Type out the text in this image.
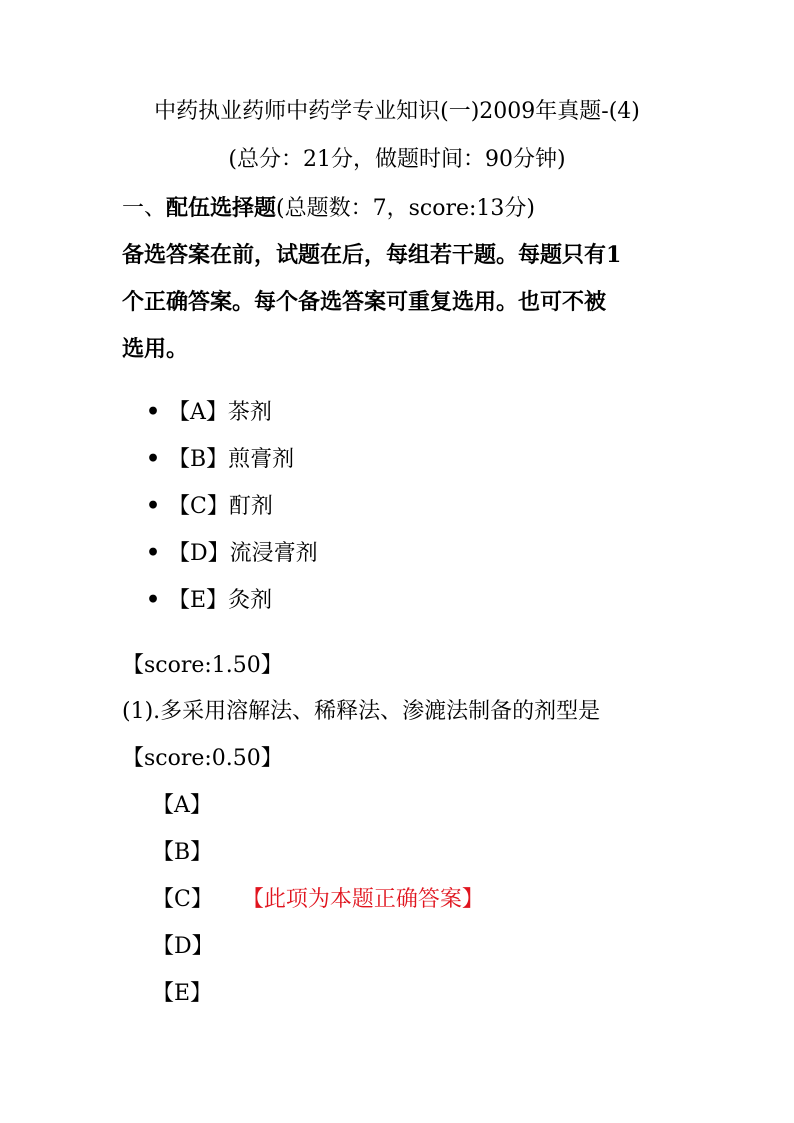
中药执业药师中药学专业知识(一)2009年真题-(4)
(总分：21分，做题时间：90分钟)
一、配伍选择题(总题数：7，score:13分)
备选答案在前，试题在后，每组若干题。每题只有1
个正确答案。每个备选答案可重复选用。也可不被
选用。
• 【A】茶剂
• 【B】煎膏剂
• 【C】酊剂
• 【D】流浸膏剂
• 【E】灸剂
【score:1.50】
(1).多采用溶解法、稀释法、渗漉法制备的剂型是
【score:0.50】
【A】
【B】
【C】 【此项为本题正确答案】
【D】
【E】
